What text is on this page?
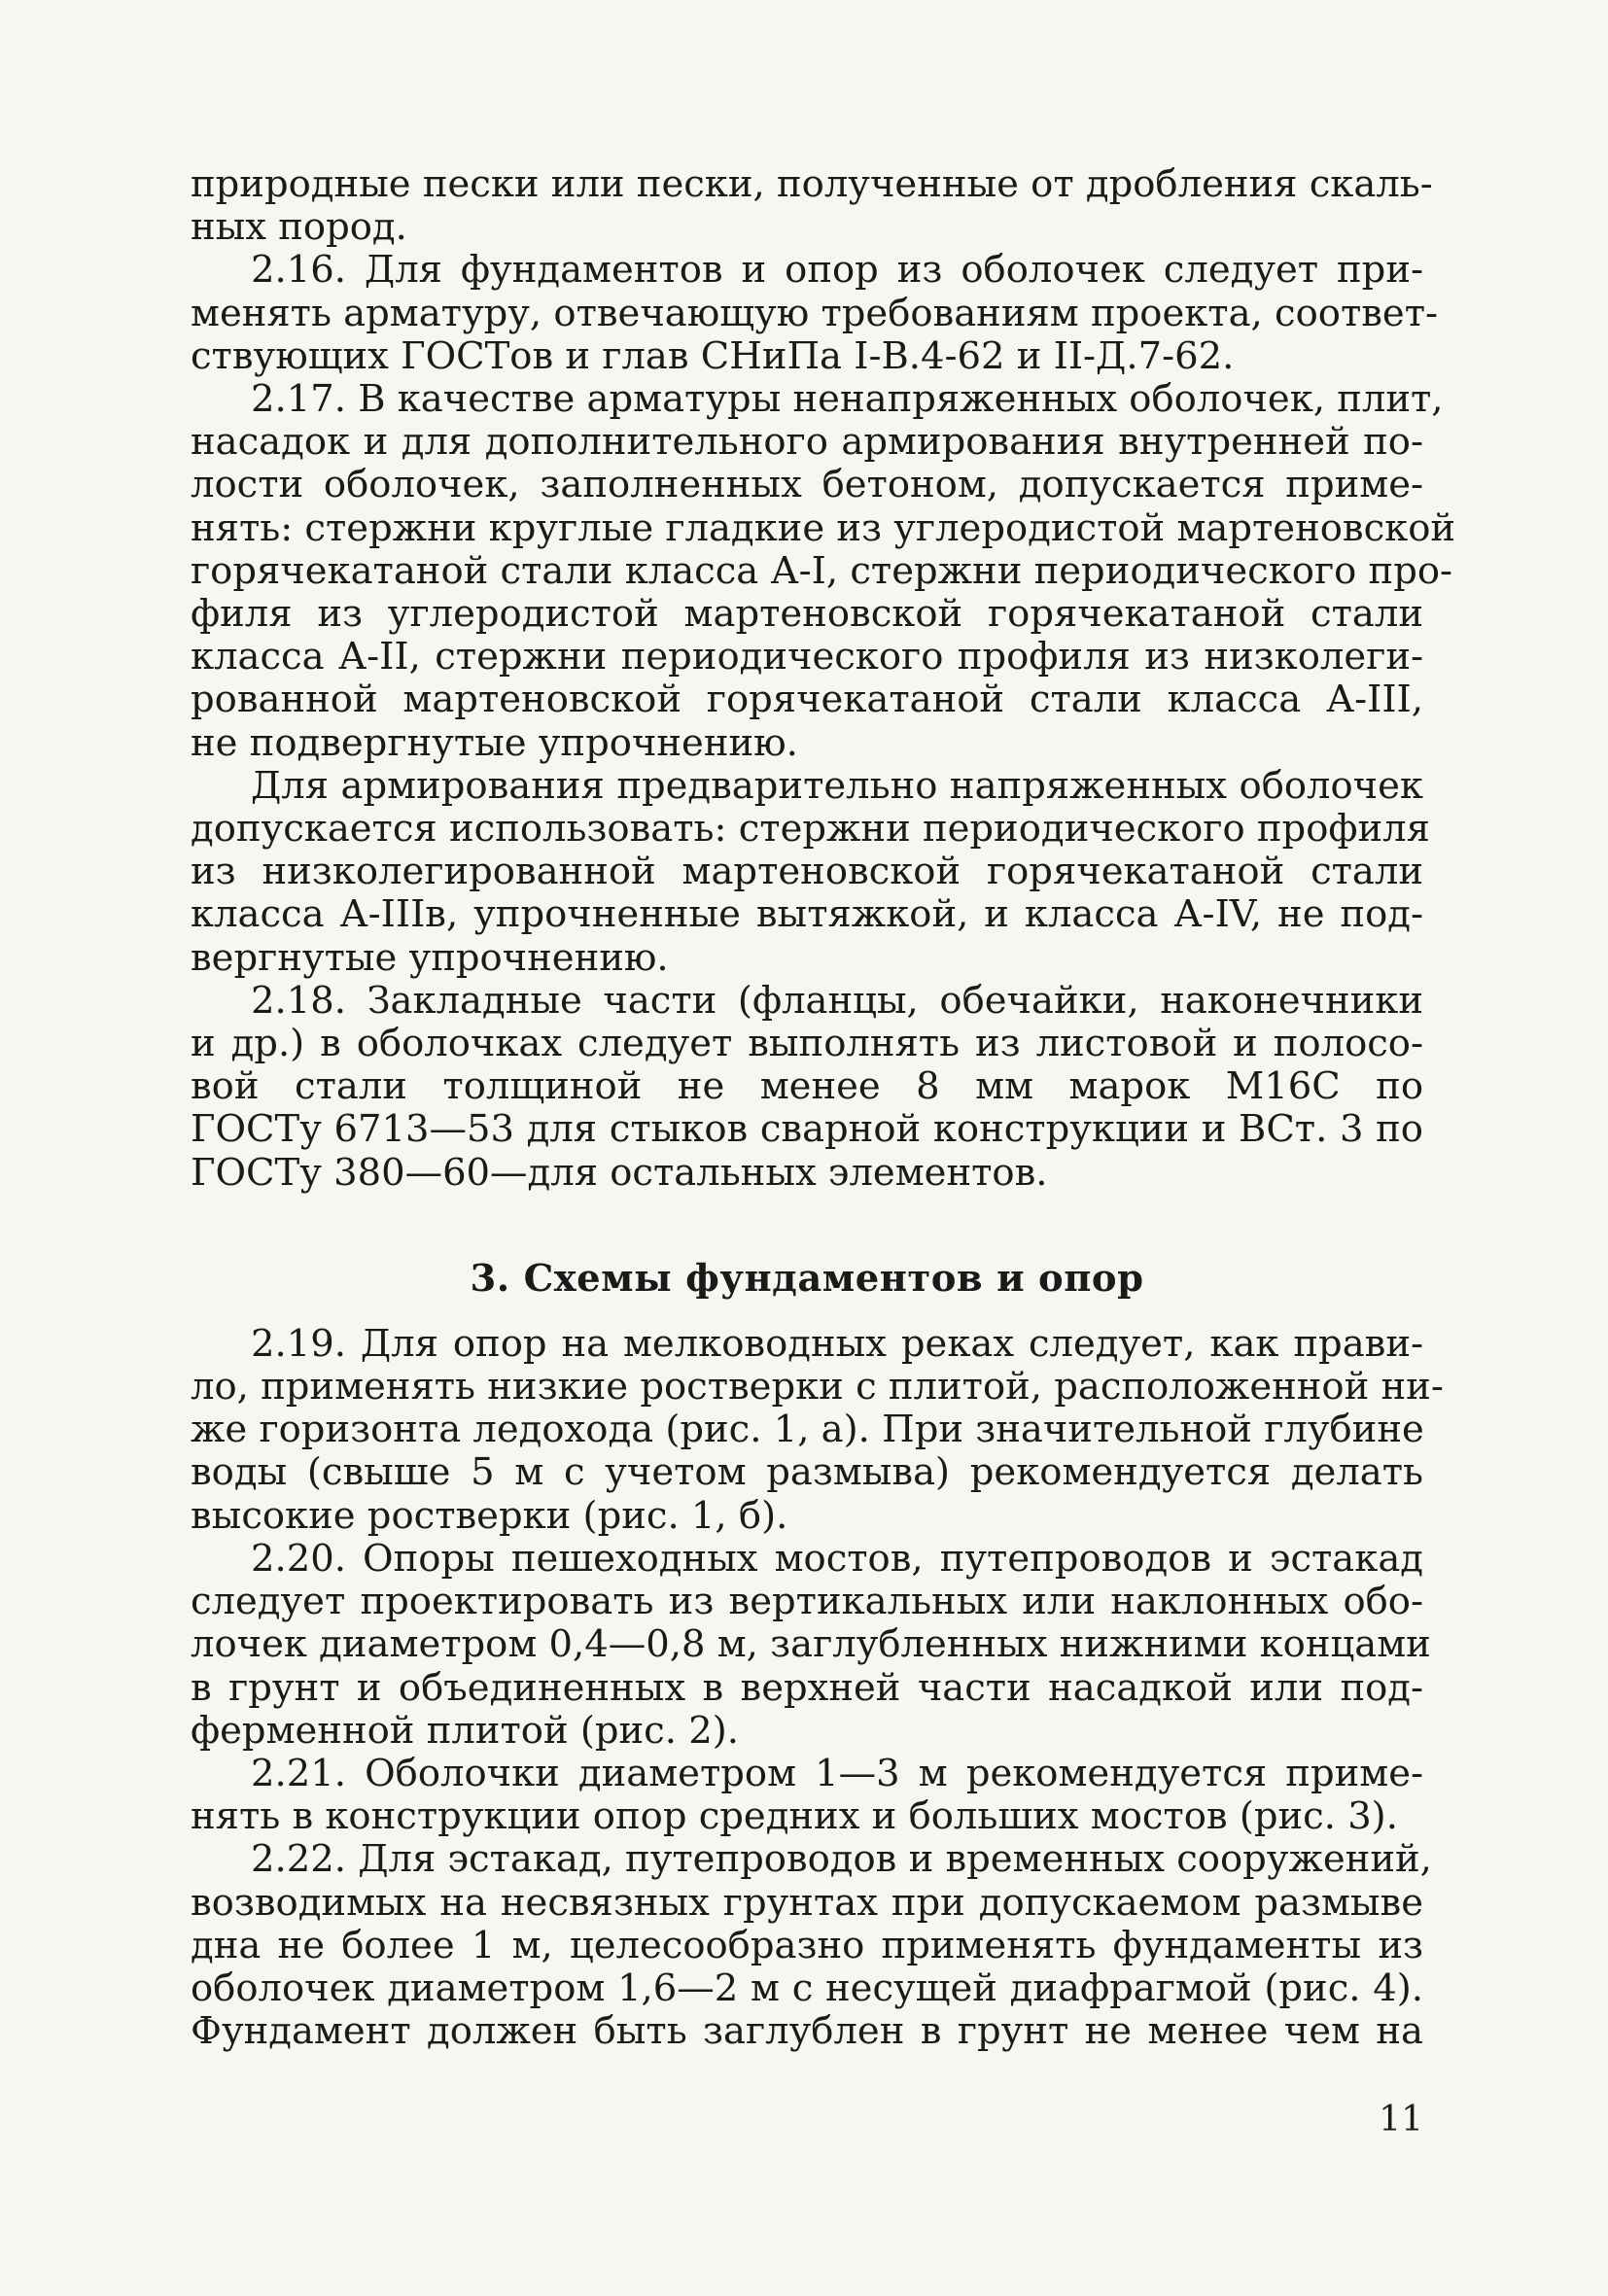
природные пески или пески, полученные от дробления скаль-
ных пород.
2.16. Для фундаментов и опор из оболочек следует при-
менять арматуру, отвечающую требованиям проекта, соответ-
ствующих ГОСТов и глав СНиПа I-В.4-62 и II-Д.7-62.
2.17. В качестве арматуры ненапряженных оболочек, плит,
насадок и для дополнительного армирования внутренней по-
лости оболочек, заполненных бетоном, допускается приме-
нять: стержни круглые гладкие из углеродистой мартеновской
горячекатаной стали класса А-I, стержни периодического про-
филя из углеродистой мартеновской горячекатаной стали
класса А-II, стержни периодического профиля из низколеги-
рованной мартеновской горячекатаной стали класса А-III,
не подвергнутые упрочнению.
Для армирования предварительно напряженных оболочек
допускается использовать: стержни периодического профиля
из низколегированной мартеновской горячекатаной стали
класса А-IIIв, упрочненные вытяжкой, и класса А-IV, не под-
вергнутые упрочнению.
2.18. Закладные части (фланцы, обечайки, наконечники
и др.) в оболочках следует выполнять из листовой и полосо-
вой стали толщиной не менее 8 мм марок М16С по
ГОСТу 6713—53 для стыков сварной конструкции и ВСт. 3 по
ГОСТу 380—60—для остальных элементов.
3. Схемы фундаментов и опор
2.19. Для опор на мелководных реках следует, как прави-
ло, применять низкие ростверки с плитой, расположенной ни-
же горизонта ледохода (рис. 1, а). При значительной глубине
воды (свыше 5 м с учетом размыва) рекомендуется делать
высокие ростверки (рис. 1, б).
2.20. Опоры пешеходных мостов, путепроводов и эстакад
следует проектировать из вертикальных или наклонных обо-
лочек диаметром 0,4—0,8 м, заглубленных нижними концами
в грунт и объединенных в верхней части насадкой или под-
ферменной плитой (рис. 2).
2.21. Оболочки диаметром 1—3 м рекомендуется приме-
нять в конструкции опор средних и больших мостов (рис. 3).
2.22. Для эстакад, путепроводов и временных сооружений,
возводимых на несвязных грунтах при допускаемом размыве
дна не более 1 м, целесообразно применять фундаменты из
оболочек диаметром 1,6—2 м с несущей диафрагмой (рис. 4).
Фундамент должен быть заглублен в грунт не менее чем на
11
